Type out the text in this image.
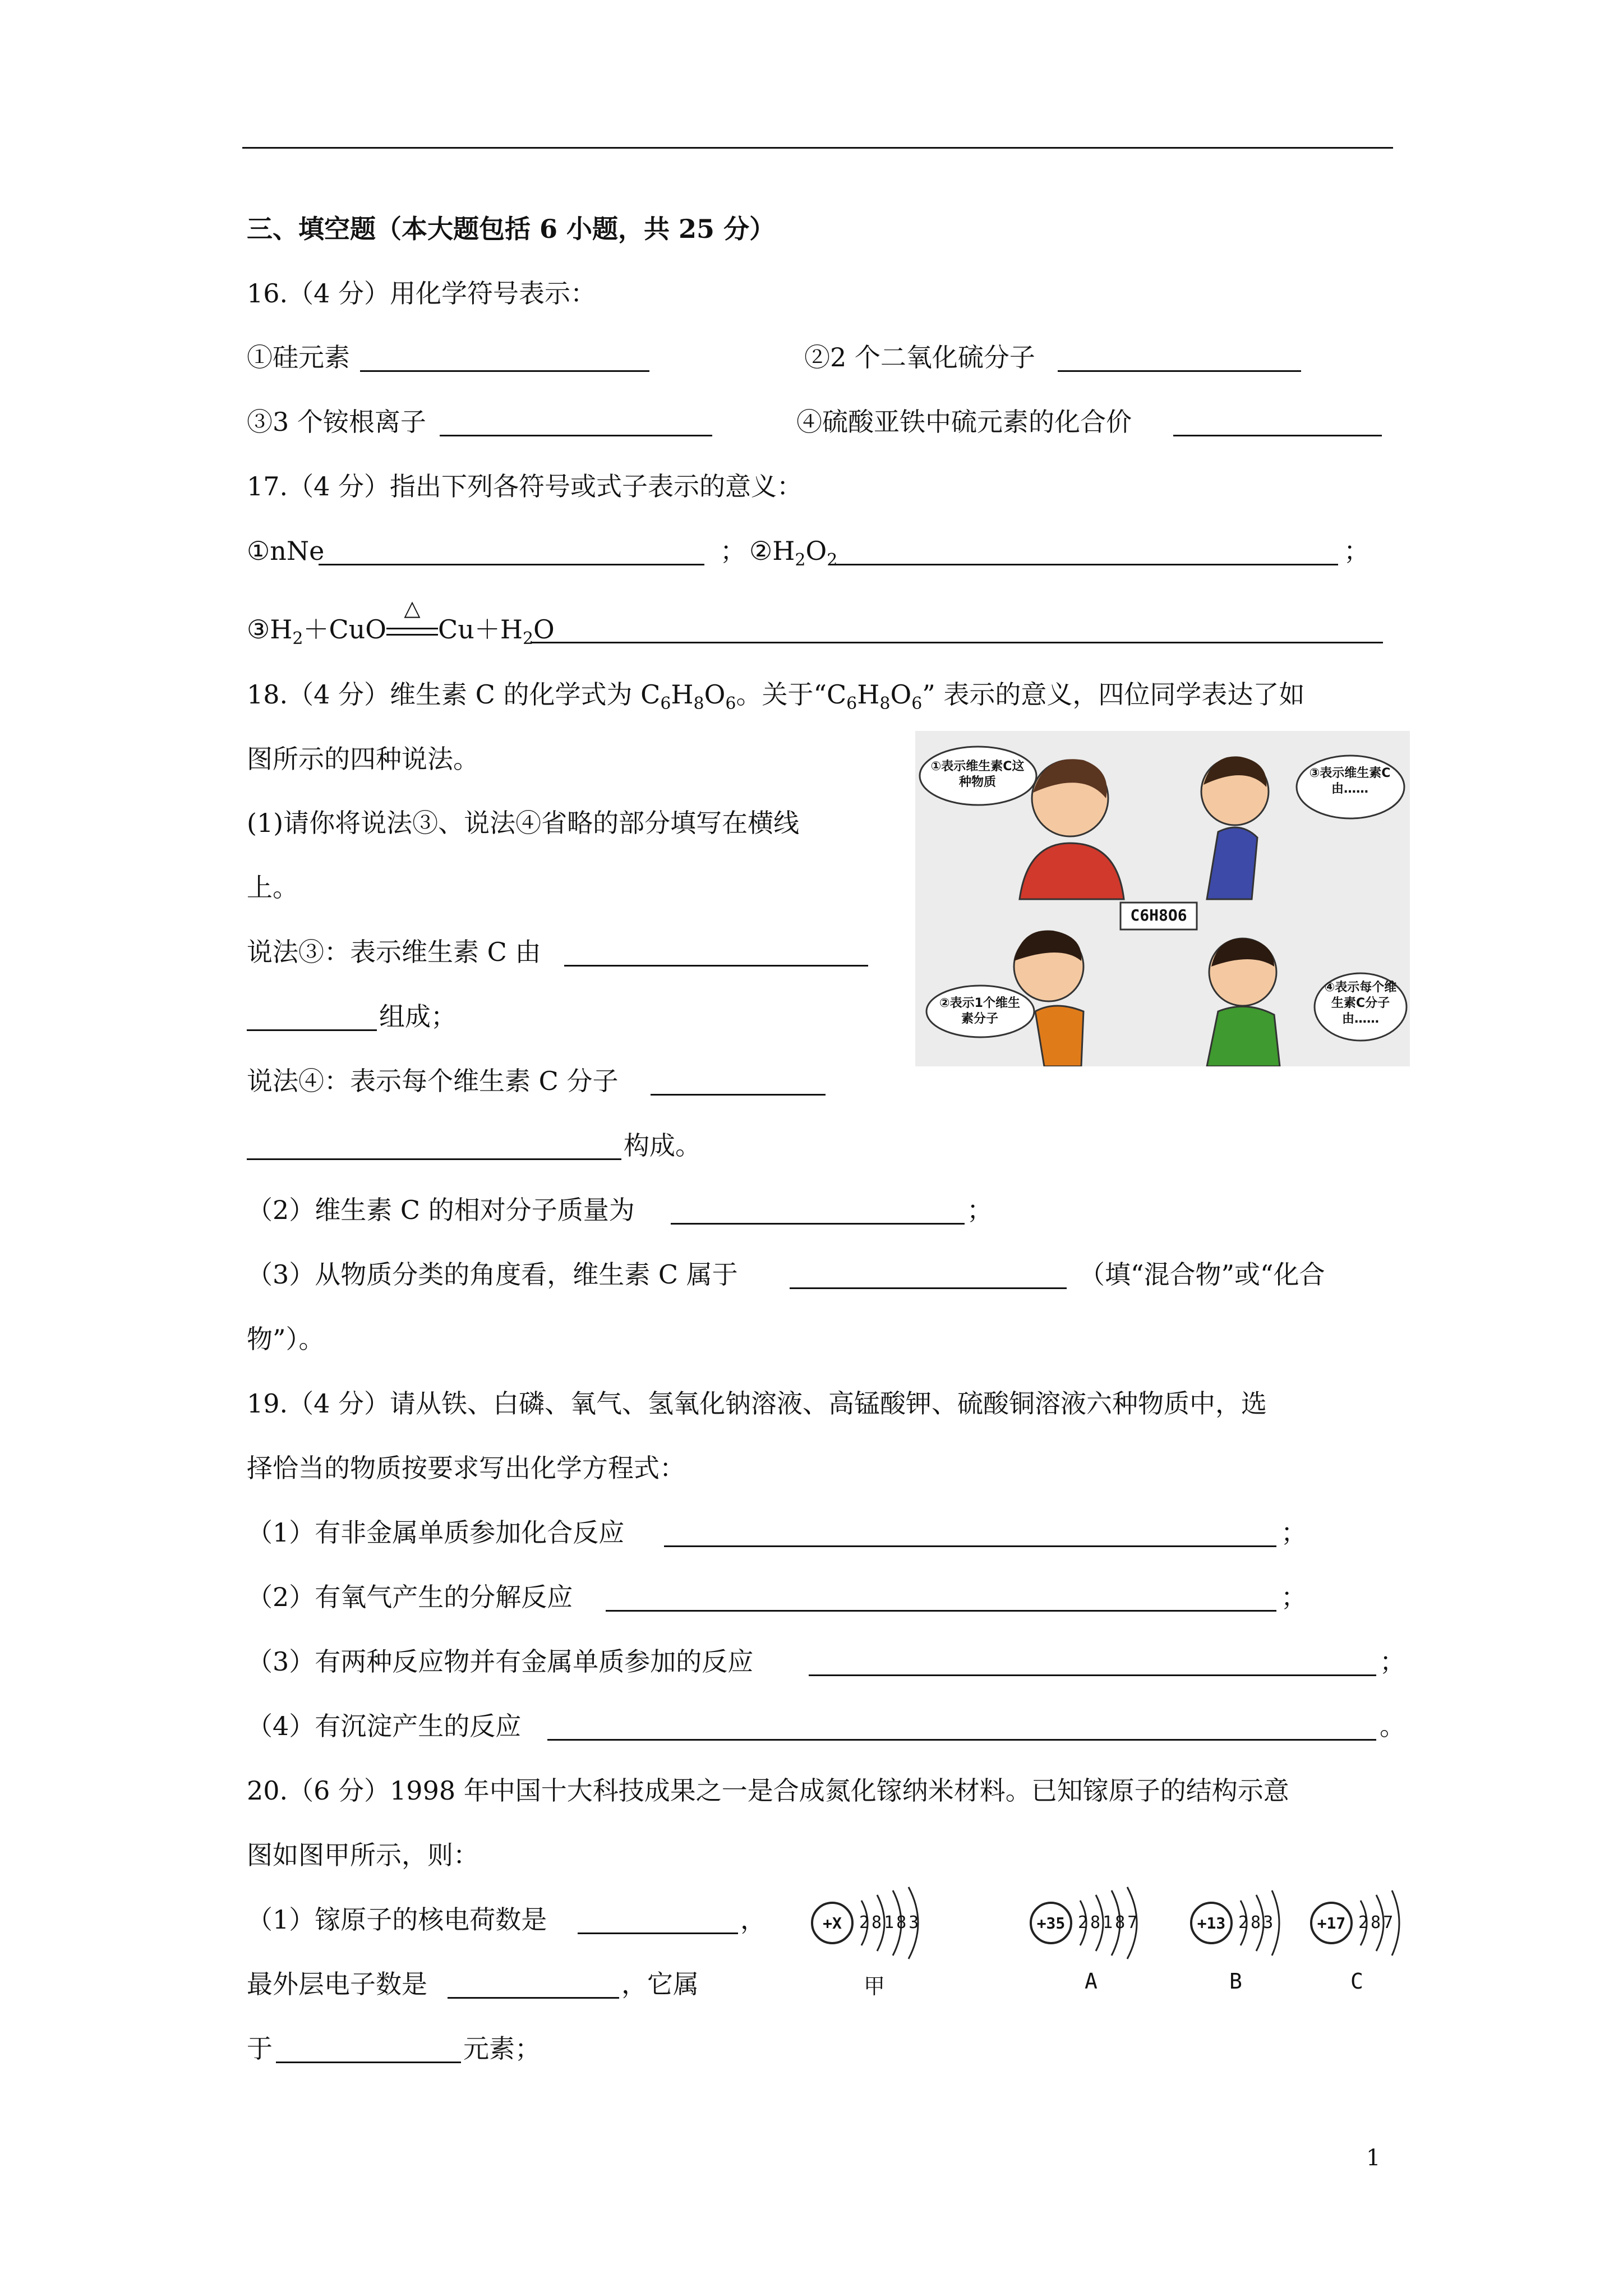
三、填空题（本大题包括 6 小题，共 25 分）
16.（4 分）用化学符号表示：
①硅元素	②2 个二氧化硫分子
③3 个铵根离子	④硫酸亚铁中硫元素的化合价
17.（4 分）指出下列各符号或式子表示的意义：
①nNe	； $②H_2O_2$	；
$③H_2+CuO$
△
$Cu+H_2O$
18.（4 分）维生素 C 的化学式为 $C_6H_8O_6$。关于“$C_6H_8O_6$” 表示的意义，四位同学表达了如
图所示的四种说法。
(1)请你将说法③、说法④省略的部分填写在横线
上。
说法③：表示维生素 C 由
组成；
说法④：表示每个维生素 C 分子
构成。
（2）维生素 C 的相对分子质量为	；
（3）从物质分类的角度看，维生素 C 属于	（填“混合物”或“化合
物”）。
①表示维生素C这种物质
③表示维生素C由……
②表示1个维生素分子
④表示每个维生素C分子由……
C6H8O6
19.（4 分）请从铁、白磷、氧气、氢氧化钠溶液、高锰酸钾、硫酸铜溶液六种物质中，选
择恰当的物质按要求写出化学方程式：
（1）有非金属单质参加化合反应	；
（2）有氧气产生的分解反应	；
（3）有两种反应物并有金属单质参加的反应	；
（4）有沉淀产生的反应	。
20.（6 分）1998 年中国十大科技成果之一是合成氮化镓纳米材料。已知镓原子的结构示意
图如图甲所示，则：
（1）镓原子的核电荷数是	，
最外层电子数是	，它属
于	元素；
+X	28183
甲
+35 28187
A
+13 283
B
+17 287
C
1
